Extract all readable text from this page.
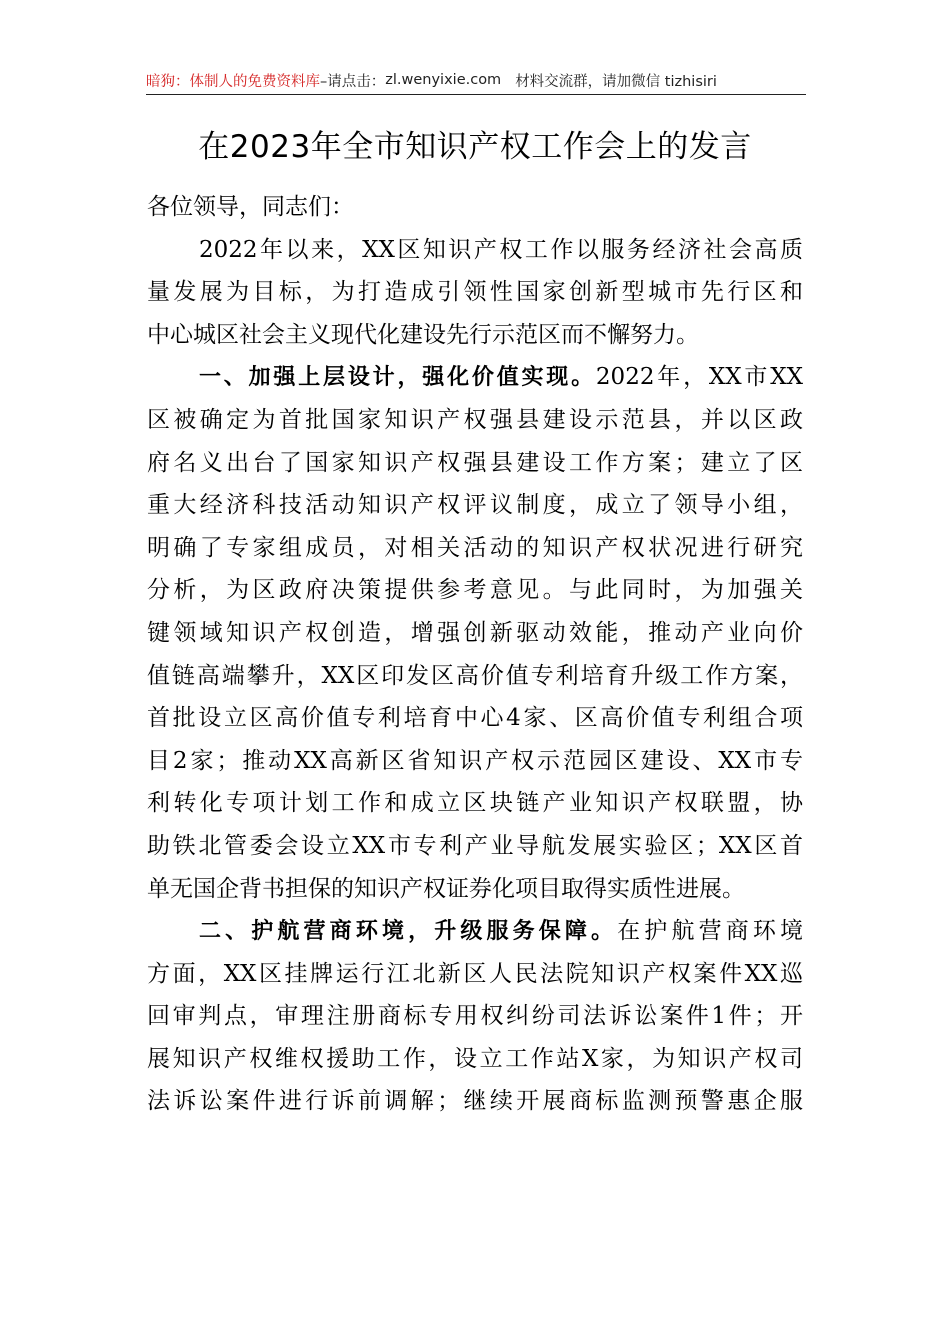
暗狗：体制人的免费资料库 –请点击： zl.wenyixie.com 材料交流群，请加微信 tizhisiri
在2023年全市知识产权工作会上的发言
各位领导，同志们：
2022年以来，XX区知识产权工作以服务经济社会高质
量发展为目标，为打造成引领性国家创新型城市先行区和
中心城区社会主义现代化建设先行示范区而不懈努力。
一、加强上层设计，强化价值实现。2022年，XX市XX
区被确定为首批国家知识产权强县建设示范县，并以区政
府名义出台了国家知识产权强县建设工作方案；建立了区
重大经济科技活动知识产权评议制度，成立了领导小组，
明确了专家组成员，对相关活动的知识产权状况进行研究
分析，为区政府决策提供参考意见。与此同时，为加强关
键领域知识产权创造，增强创新驱动效能，推动产业向价
值链高端攀升，XX区印发区高价值专利培育升级工作方案，
首批设立区高价值专利培育中心4家、区高价值专利组合项
目2家；推动XX高新区省知识产权示范园区建设、XX市专
利转化专项计划工作和成立区块链产业知识产权联盟，协
助铁北管委会设立XX市专利产业导航发展实验区；XX区首
单无国企背书担保的知识产权证券化项目取得实质性进展。
二、护航营商环境，升级服务保障。在护航营商环境
方面，XX区挂牌运行江北新区人民法院知识产权案件XX巡
回审判点，审理注册商标专用权纠纷司法诉讼案件1件；开
展知识产权维权援助工作，设立工作站X家，为知识产权司
法诉讼案件进行诉前调解；继续开展商标监测预警惠企服
